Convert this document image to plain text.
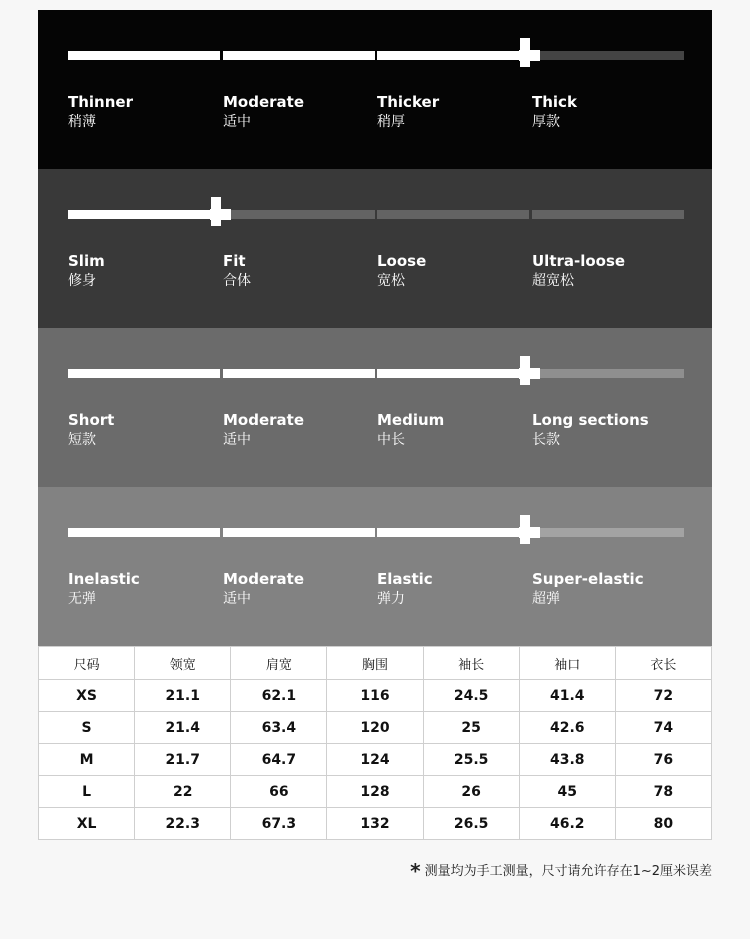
Thinner
稍薄
Moderate
适中
Thicker
稍厚
Thick
厚款
Slim
修身
Fit
合体
Loose
宽松
Ultra-loose
超宽松
Short
短款
Moderate
适中
Medium
中长
Long sections
长款
Inelastic
无弹
Moderate
适中
Elastic
弹力
Super-elastic
超弹
尺码	领宽	肩宽	胸围	袖长	袖口	衣长
XS	21.1	62.1	116	24.5	41.4	72
S	21.4	63.4	120	25	42.6	74
M	21.7	64.7	124	25.5	43.8	76
L	22	66	128	26	45	78
XL	22.3	67.3	132	26.5	46.2	80
* 测量均为手工测量，尺寸请允许存在1~2厘米误差
